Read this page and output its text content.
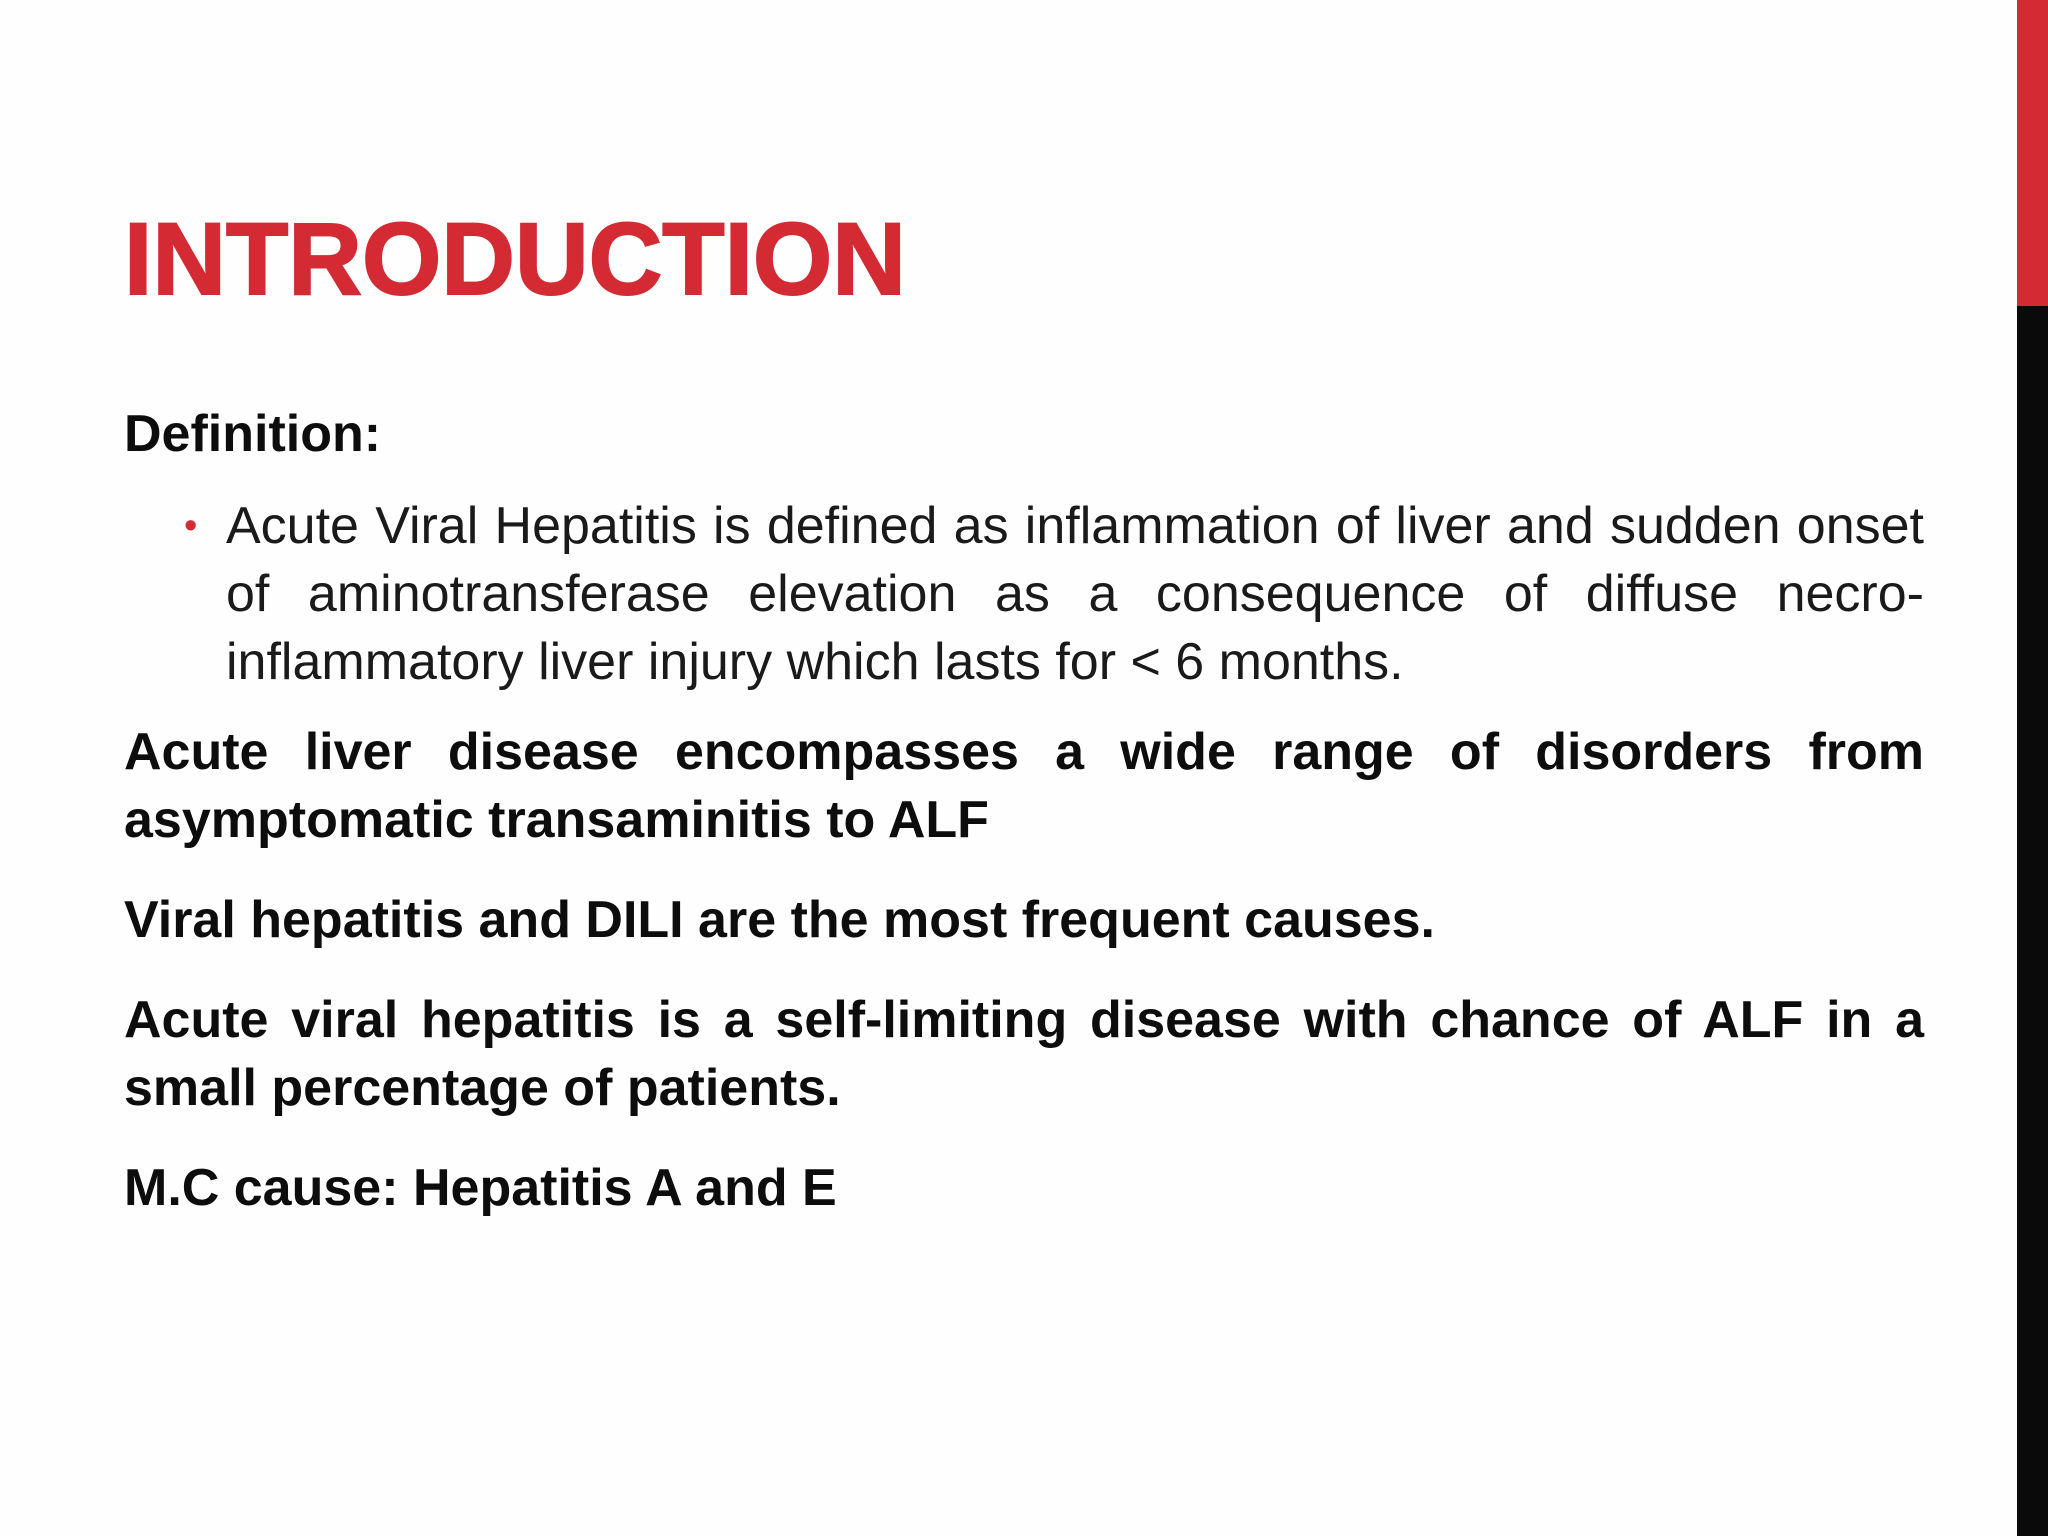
INTRODUCTION

Definition:

• Acute Viral Hepatitis is defined as inflammation of liver and sudden onset of aminotransferase elevation as a consequence of diffuse necro-inflammatory liver injury which lasts for < 6 months.

Acute liver disease encompasses a wide range of disorders from asymptomatic transaminitis to ALF

Viral hepatitis and DILI are the most frequent causes.

Acute viral hepatitis is a self-limiting disease with chance of ALF in a small percentage of patients.

M.C cause: Hepatitis A and E
